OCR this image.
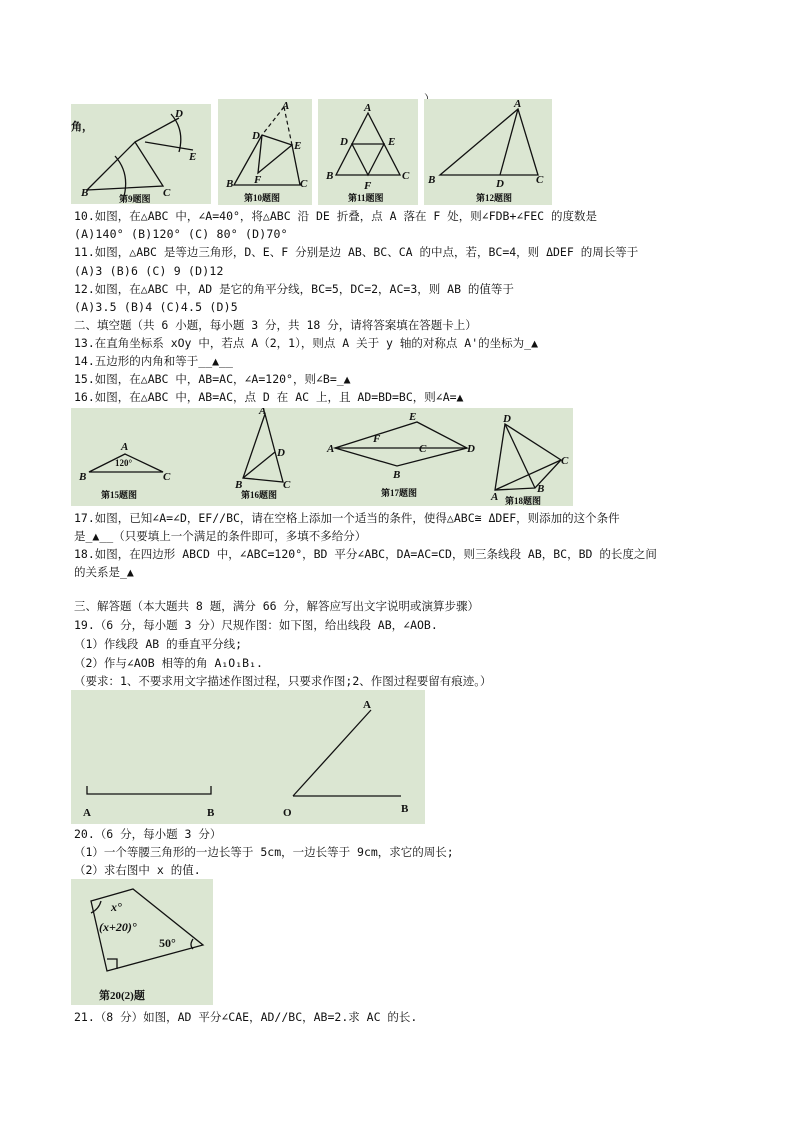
角，
D
E
B	C
第9题图
A
D
E
B F	C
第10题图
A
D	E
B
F
C
第11题图
A
B	D	C
第12题图
10.如图，在△ABC 中，∠A=40°，将△ABC 沿 DE 折叠，点 A 落在 F 处，则∠FDB+∠FEC 的度数是
(A)140° (B)120° (C) 80° (D)70°
11.如图，△ABC 是等边三角形，D、E、F 分别是边 AB、BC、CA 的中点，若，BC=4，则 ΔDEF 的周长等于
(A)3 (B)6 (C) 9 (D)12
12.如图，在△ABC 中，AD 是它的角平分线，BC=5，DC=2，AC=3，则 AB 的值等于
(A)3.5 (B)4 (C)4.5 (D)5
二、填空题（共 6 小题，每小题 3 分，共 18 分，请将答案填在答题卡上）
13.在直角坐标系 xOy 中，若点 A（2，1），则点 A 关于 y 轴的对称点 A'的坐标为_▲
14.五边形的内角和等于__▲__
15.如图，在△ABC 中，AB=AC，∠A=120°，则∠B=_▲
16.如图，在△ABC 中，AB=AC，点 D 在 AC 上，且 AD=BD=BC，则∠A=▲
A
120°
B	C
第15题图
A
D
B	C
第16题图
E
F
C
A	D
B
第17题图
D
C
A
B
第18题图
17.如图，已知∠A=∠D，EF//BC，请在空格上添加一个适当的条件，使得△ABC≅ ΔDEF，则添加的这个条件
是_▲__（只要填上一个满足的条件即可，多填不多给分）
18.如图，在四边形 ABCD 中，∠ABC=120°，BD 平分∠ABC，DA=AC=CD，则三条线段 AB，BC，BD 的长度之间
的关系是_▲
三、解答题（本大题共 8 题，满分 66 分，解答应写出文字说明或演算步骤）
19.（6 分，每小题 3 分）尺规作图：如下图，给出线段 AB，∠AOB.
（1）作线段 AB 的垂直平分线;
（2）作与∠AOB 相等的角 A₁O₁B₁.
（要求：1、不要求用文字描述作图过程，只要求作图;2、作图过程要留有痕迹。）
A	B
A
O	B
20.（6 分，每小题 3 分）
（1）一个等腰三角形的一边长等于 5cm，一边长等于 9cm，求它的周长;
（2）求右图中 x 的值.
x°
(x+20)°
50°
第20(2)题
21.（8 分）如图，AD 平分∠CAE，AD//BC，AB=2.求 AC 的长.
